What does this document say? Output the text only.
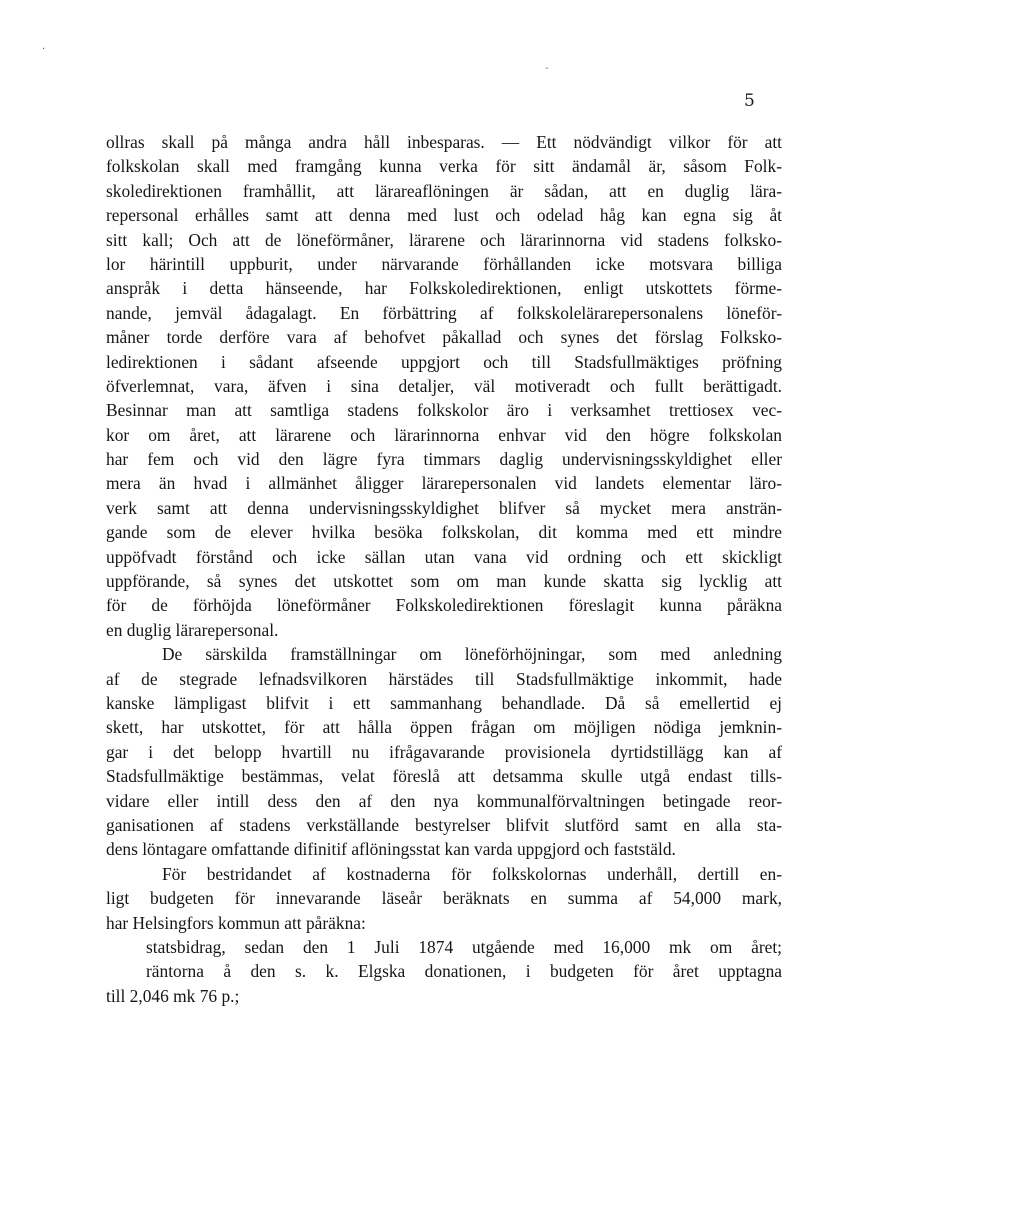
·
-
5
ollras skall på många andra håll inbesparas. — Ett nödvändigt vilkor för att
folkskolan skall med framgång kunna verka för sitt ändamål är, såsom Folk-
skoledirektionen framhållit, att lärareaflöningen är sådan, att en duglig lära-
repersonal erhålles samt att denna med lust och odelad håg kan egna sig åt
sitt kall; Och att de löneförmåner, lärarene och lärarinnorna vid stadens folksko-
lor härintill uppburit, under närvarande förhållanden icke motsvara billiga
anspråk i detta hänseende, har Folkskoledirektionen, enligt utskottets förme-
nande, jemväl ådagalagt. En förbättring af folkskolelärarepersonalens löneför-
måner torde derföre vara af behofvet påkallad och synes det förslag Folksko-
ledirektionen i sådant afseende uppgjort och till Stadsfullmäktiges pröfning
öfverlemnat, vara, äfven i sina detaljer, väl motiveradt och fullt berättigadt.
Besinnar man att samtliga stadens folkskolor äro i verksamhet trettiosex vec-
kor om året, att lärarene och lärarinnorna enhvar vid den högre folkskolan
har fem och vid den lägre fyra timmars daglig undervisningsskyldighet eller
mera än hvad i allmänhet åligger lärarepersonalen vid landets elementar läro-
verk samt att denna undervisningsskyldighet blifver så mycket mera ansträn-
gande som de elever hvilka besöka folkskolan, dit komma med ett mindre
uppöfvadt förstånd och icke sällan utan vana vid ordning och ett skickligt
uppförande, så synes det utskottet som om man kunde skatta sig lycklig att
för de förhöjda löneförmåner Folkskoledirektionen föreslagit kunna påräkna
en duglig lärarepersonal.
De särskilda framställningar om löneförhöjningar, som med anledning
af de stegrade lefnadsvilkoren härstädes till Stadsfullmäktige inkommit, hade
kanske lämpligast blifvit i ett sammanhang behandlade. Då så emellertid ej
skett, har utskottet, för att hålla öppen frågan om möjligen nödiga jemknin-
gar i det belopp hvartill nu ifrågavarande provisionela dyrtidstillägg kan af
Stadsfullmäktige bestämmas, velat föreslå att detsamma skulle utgå endast tills-
vidare eller intill dess den af den nya kommunalförvaltningen betingade reor-
ganisationen af stadens verkställande bestyrelser blifvit slutförd samt en alla sta-
dens löntagare omfattande difinitif aflöningsstat kan varda uppgjord och faststäld.
För bestridandet af kostnaderna för folkskolornas underhåll, dertill en-
ligt budgeten för innevarande läseår beräknats en summa af 54,000 mark,
har Helsingfors kommun att påräkna:
statsbidrag, sedan den 1 Juli 1874 utgående med 16,000 mk om året;
räntorna å den s. k. Elgska donationen, i budgeten för året upptagna
till 2,046 mk 76 p.;
